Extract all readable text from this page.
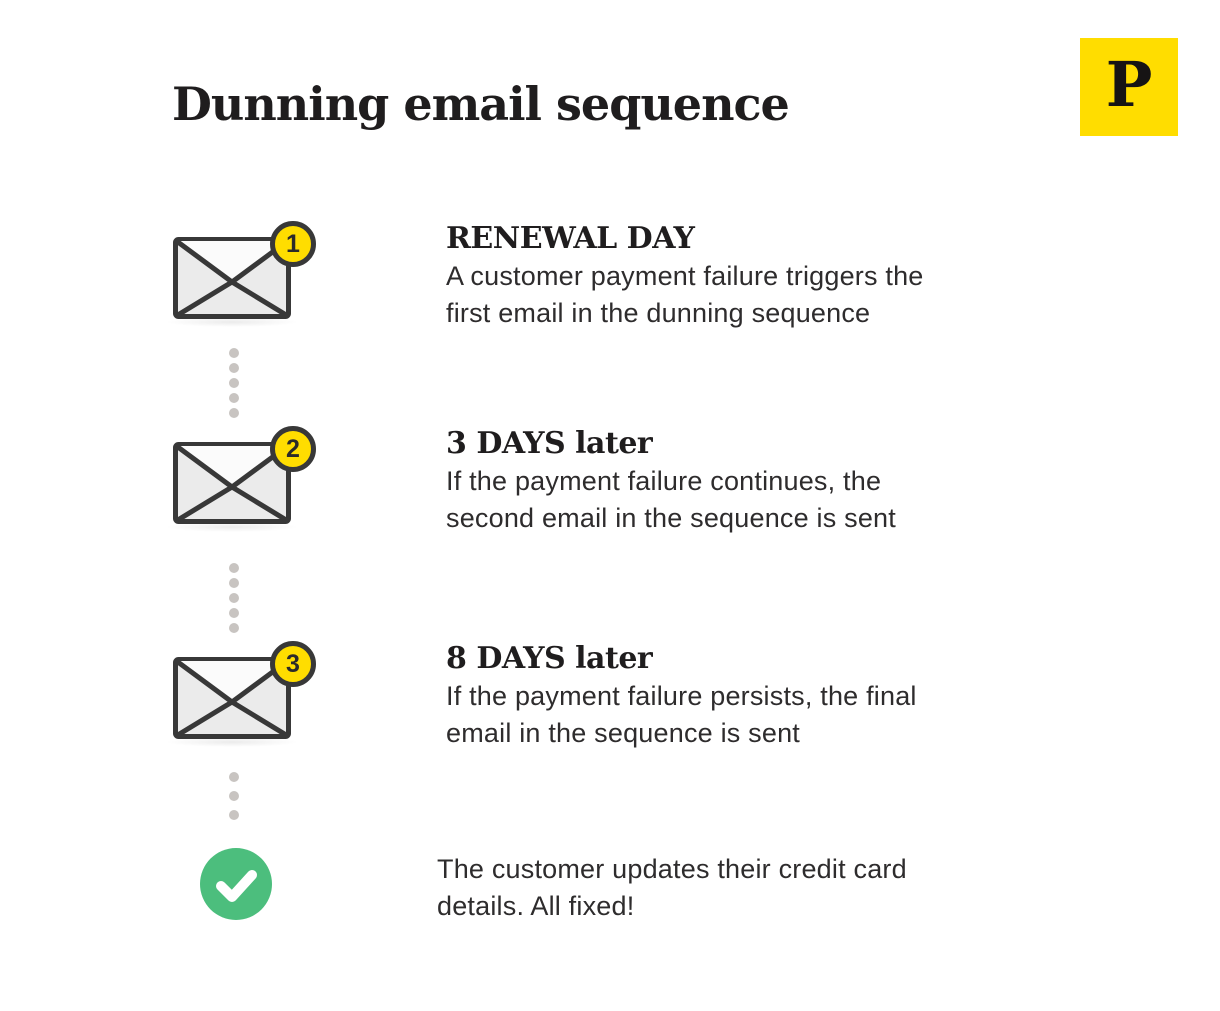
Dunning email sequence	P
1	RENEWAL DAY
A customer payment failure triggers the
first email in the dunning sequence
2	3 DAYS later
If the payment failure continues, the
second email in the sequence is sent
3	8 DAYS later
If the payment failure persists, the final
email in the sequence is sent
The customer updates their credit card
details. All fixed!
